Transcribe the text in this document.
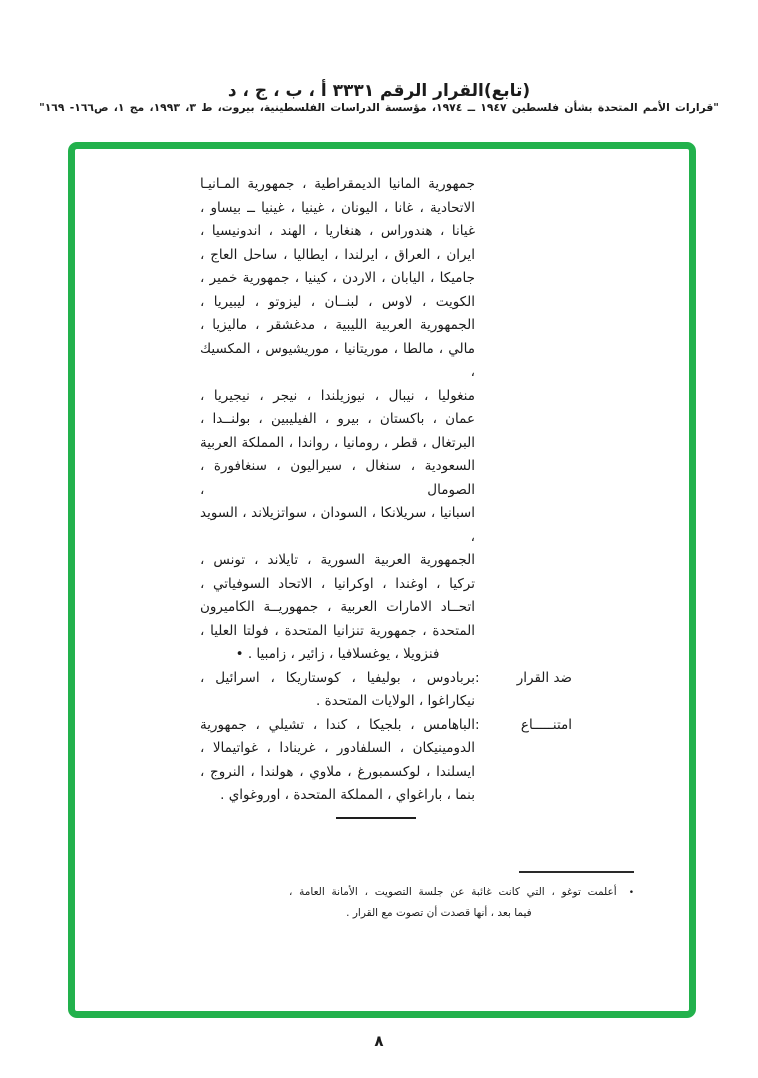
(تابع)القرار الرقم ٣٣٣١ أ ، ب ، ج ، د
"قرارات الأمم المتحدة بشأن فلسطين ١٩٤٧ ــ ١٩٧٤، مؤسسة الدراسات الفلسطينية، بيروت، ط ٣، ١٩٩٣، مج ١، ص١٦٦- ١٦٩"
جمهورية المانيا الديمقراطية ، جمهورية المـانيـا
الاتحادية ، غانا ، اليونان ، غينيا ، غينيا ــ بيساو ،
غيانا ، هندوراس ، هنغاريا ، الهند ، اندونيسيا ،
ايران ، العراق ، ايرلندا ، ايطاليا ، ساحل العاج ،
جاميكا ، اليابان ، الاردن ، كينيا ، جمهورية خمير ،
الكويت ، لاوس ، لبنــان ، ليزوتو ، ليبيريا ،
الجمهورية العربية الليبية ، مدغشقر ، ماليزيا ،
مالي ، مالطا ، موريتانيا ، موريشيوس ، المكسيك ،
منغوليا ، نيبال ، نيوزيلندا ، نيجر ، نيجيريا ،
عمان ، باكستان ، بيرو ، الفيليبين ، بولنــدا ،
البرتغال ، قطر ، رومانيا ، رواندا ، المملكة العربية
السعودية ، سنغال ، سيراليون ، سنغافورة ، الصومال ،
اسبانيا ، سريلانكا ، السودان ، سواتزيلاند ، السويد ،
الجمهورية العربية السورية ، تايلاند ، تونس ،
تركيا ، اوغندا ، اوكرانيا ، الاتحاد السوفياتي ،
اتحــاد الامارات العربية ، جمهوريــة الكاميرون
المتحدة ، جمهورية تنزانيا المتحدة ، فولتا العليا ،
فنزويلا ، يوغسلافيا ، زائير ، زامبيا . •
ضد القرار
:
بربادوس ، بوليفيا ، كوستاريكا ، اسرائيل ،
نيكاراغوا ، الولايات المتحدة .
امتنـــــاع
:
الباهامس ، بلجيكا ، كندا ، تشيلي ، جمهورية
الدومينيكان ، السلفادور ، غرينادا ، غواتيمالا ،
ايسلندا ، لوكسمبورغ ، ملاوي ، هولندا ، النروج ،
بنما ، باراغواي ، المملكة المتحدة ، اوروغواي .
•
أعلمت توغو ، التي كانت غائبة عن جلسة التصويت ، الأمانة العامة ،
فيما بعد ، أنها قصدت أن تصوت مع القرار .
٨
